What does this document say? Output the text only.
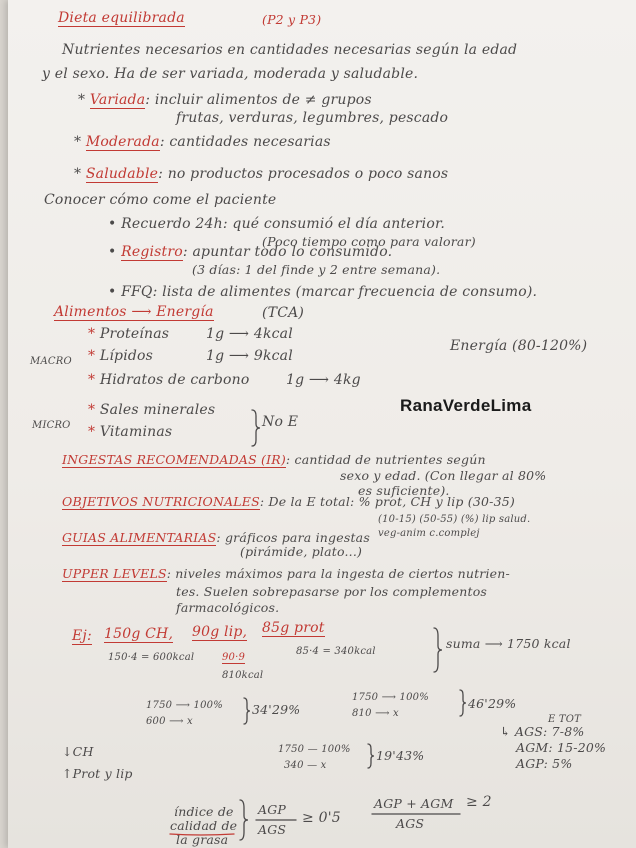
Dieta equilibrada	(P2 y P3)
Nutrientes necesarios en cantidades necesarias según la edad
y el sexo. Ha de ser variada, moderada y saludable.
* Variada: incluir alimentos de ≠ grupos
frutas, verduras, legumbres, pescado
* Moderada: cantidades necesarias
* Saludable: no productos procesados o poco sanos
Conocer cómo come el paciente
• Recuerdo 24h: qué consumió el día anterior.
(Poco tiempo como para valorar)
• Registro: apuntar todo lo consumido.
(3 días: 1 del finde y 2 entre semana).
• FFQ: lista de alimentes (marcar frecuencia de consumo).
Alimentos ⟶ Energía	(TCA)
* Proteínas	1g ⟶ 4kcal
* Lípidos	1g ⟶ 9kcal
MACRO
Energía (80-120%)
* Hidratos de carbono	1g ⟶ 4kg
RanaVerdeLima
* Sales minerales
* Vitaminas
MICRO	No E
INGESTAS RECOMENDADAS (IR): cantidad de nutrientes según
sexo y edad. (Con llegar al 80%
es suficiente).
OBJETIVOS NUTRICIONALES: De la E total: % prot, CH y lip (30-35)
(10-15) (50-55) (%) lip salud.
veg-anim c.complej
GUIAS ALIMENTARIAS: gráficos para ingestas
(pirámide, plato...)
UPPER LEVELS: niveles máximos para la ingesta de ciertos nutrien-
tes. Suelen sobrepasarse por los complementos
farmacológicos.
Ej: 150g CH, 90g lip, 85g prot
150·4 = 600kcal	90·9
810kcal
85·4 = 340kcal
suma ⟶ 1750 kcal
1750 ⟶ 100%
600 ⟶ x
34'29%
1750 ⟶ 100%
810 ⟶ x
46'29%
E TOT
↳ AGS: 7-8%
AGM: 15-20%
AGP: 5%
↓CH
↑Prot y lip
1750 — 100%
340 — x
19'43%
índice de
calidad de
la grasa
AGP
AGS
≥ 0'5
AGP + AGM
AGS
≥ 2
